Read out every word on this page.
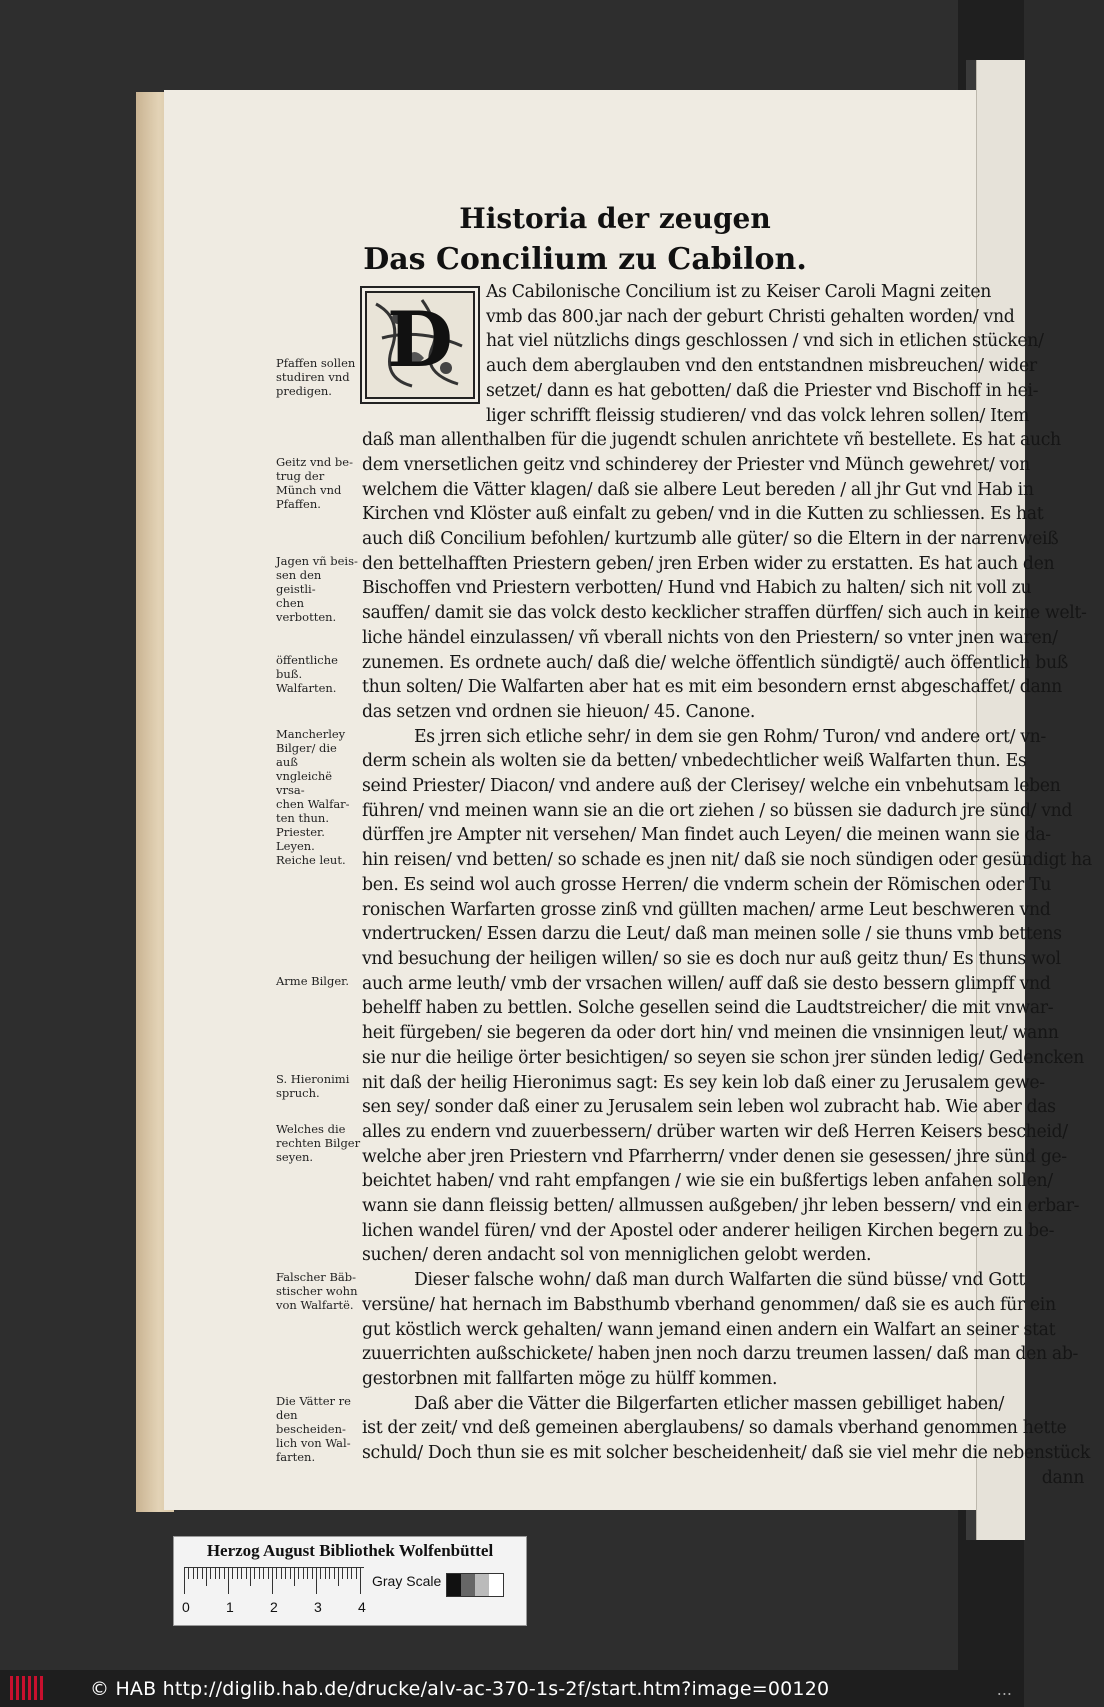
Historia der zeugen
Das Concilium zu Cabilon.
D
As Cabilonische Concilium ist zu Keiser Caroli Magni zeiten
vmb das 800.jar nach der geburt Christi gehalten worden/ vnd
hat viel nützlichs dings geschlossen / vnd sich in etlichen stücken/
auch dem aberglauben vnd den entstandnen misbreuchen/ wider
setzet/ dann es hat gebotten/ daß die Priester vnd Bischoff in hei-
liger schrifft fleissig studieren/ vnd das volck lehren sollen/ Item
daß man allenthalben für die jugendt schulen anrichtete vñ bestellete. Es hat auch
dem vnersetlichen geitz vnd schinderey der Priester vnd Münch gewehret/ von
welchem die Vätter klagen/ daß sie albere Leut bereden / all jhr Gut vnd Hab in
Kirchen vnd Klöster auß einfalt zu geben/ vnd in die Kutten zu schliessen. Es hat
auch diß Concilium befohlen/ kurtzumb alle güter/ so die Eltern in der narrenweiß
den bettelhafften Priestern geben/ jren Erben wider zu erstatten. Es hat auch den
Bischoffen vnd Priestern verbotten/ Hund vnd Habich zu halten/ sich nit voll zu
sauffen/ damit sie das volck desto kecklicher straffen dürffen/ sich auch in keine welt-
liche händel einzulassen/ vñ vberall nichts von den Priestern/ so vnter jnen waren/
zunemen. Es ordnete auch/ daß die/ welche öffentlich sündigtë/ auch öffentlich buß
thun solten/ Die Walfarten aber hat es mit eim besondern ernst abgeschaffet/ dann
das setzen vnd ordnen sie hieuon/ 45. Canone.
Es jrren sich etliche sehr/ in dem sie gen Rohm/ Turon/ vnd andere ort/ vn-
derm schein als wolten sie da betten/ vnbedechtlicher weiß Walfarten thun. Es
seind Priester/ Diacon/ vnd andere auß der Clerisey/ welche ein vnbehutsam leben
führen/ vnd meinen wann sie an die ort ziehen / so büssen sie dadurch jre sünd/ vnd
dürffen jre Ampter nit versehen/ Man findet auch Leyen/ die meinen wann sie da-
hin reisen/ vnd betten/ so schade es jnen nit/ daß sie noch sündigen oder gesündigt ha
ben. Es seind wol auch grosse Herren/ die vnderm schein der Römischen oder Tu
ronischen Warfarten grosse zinß vnd güllten machen/ arme Leut beschweren vnd
vndertrucken/ Essen darzu die Leut/ daß man meinen solle / sie thuns vmb bettens
vnd besuchung der heiligen willen/ so sie es doch nur auß geitz thun/ Es thuns wol
auch arme leuth/ vmb der vrsachen willen/ auff daß sie desto bessern glimpff vnd
behelff haben zu bettlen. Solche gesellen seind die Laudtstreicher/ die mit vnwar-
heit fürgeben/ sie begeren da oder dort hin/ vnd meinen die vnsinnigen leut/ wann
sie nur die heilige örter besichtigen/ so seyen sie schon jrer sünden ledig/ Gedencken
nit daß der heilig Hieronimus sagt: Es sey kein lob daß einer zu Jerusalem gewe-
sen sey/ sonder daß einer zu Jerusalem sein leben wol zubracht hab. Wie aber das
alles zu endern vnd zuuerbessern/ drüber warten wir deß Herren Keisers bescheid/
welche aber jren Priestern vnd Pfarrherrn/ vnder denen sie gesessen/ jhre sünd ge-
beichtet haben/ vnd raht empfangen / wie sie ein bußfertigs leben anfahen sollen/
wann sie dann fleissig betten/ allmussen außgeben/ jhr leben bessern/ vnd ein erbar-
lichen wandel füren/ vnd der Apostel oder anderer heiligen Kirchen begern zu be-
suchen/ deren andacht sol von menniglichen gelobt werden.
Dieser falsche wohn/ daß man durch Walfarten die sünd büsse/ vnd Gott
versüne/ hat hernach im Babsthumb vberhand genommen/ daß sie es auch für ein
gut köstlich werck gehalten/ wann jemand einen andern ein Walfart an seiner stat
zuuerrichten außschickete/ haben jnen noch darzu treumen lassen/ daß man den ab-
gestorbnen mit fallfarten möge zu hülff kommen.
Daß aber die Vätter die Bilgerfarten etlicher massen gebilliget haben/
ist der zeit/ vnd deß gemeinen aberglaubens/ so damals vberhand genommen hette
schuld/ Doch thun sie es mit solcher bescheidenheit/ daß sie viel mehr die nebenstück
dann
Pfaffen sollen
studiren vnd
predigen.
Geitz vnd be-
trug der
Münch vnd
Pfaffen.
Jagen vñ beis-
sen den geistli-
chen verbotten.
öffentliche buß.
Walfarten.
Mancherley
Bilger/ die auß
vngleichë vrsa-
chen Walfar-
ten thun.
Priester.
Leyen.
Reiche leut.
Arme Bilger.
S. Hieronimi
spruch.
Welches die
rechten Bilger
seyen.
Falscher Bäb-
stischer wohn
von Walfartë.
Die Vätter re
den bescheiden-
lich von Wal-
farten.
Herzog August Bibliothek Wolfenbüttel
0	1	2	3	4
Gray Scale
© HAB http://diglib.hab.de/drucke/alv-ac-370-1s-2f/start.htm?image=00120	...
